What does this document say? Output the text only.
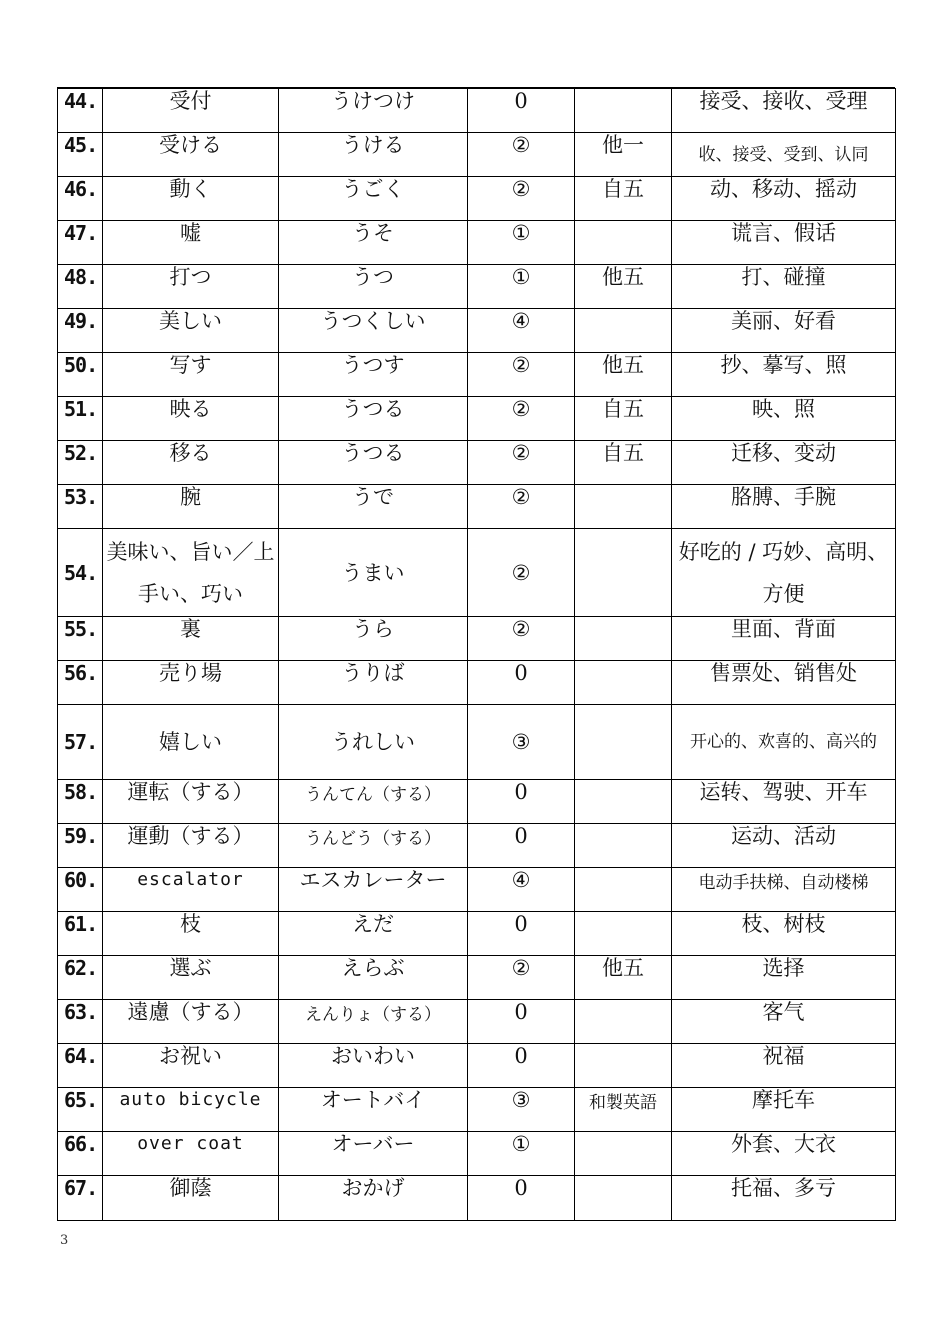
44.	受付	うけつけ	0		接受、接收、受理
45.	受ける	うける	②	他一	收、接受、受到、认同
46.	動く	うごく	②	自五	动、移动、摇动
47.	嘘	うそ	①		谎言、假话
48.	打つ	うつ	①	他五	打、碰撞
49.	美しい	うつくしい	④		美丽、好看
50.	写す	うつす	②	他五	抄、摹写、照
51.	映る	うつる	②	自五	映、照
52.	移る	うつる	②	自五	迁移、变动
53.	腕	うで	②		胳膊、手腕
54.	美味い、旨い／上手い、巧い	うまい	②		好吃的 / 巧妙、高明、方便
55.	裏	うら	②		里面、背面
56.	売り場	うりば	0		售票处、销售处
57.	嬉しい	うれしい	③		开心的、欢喜的、高兴的
58.	運転（する）	うんてん（する）	0		运转、驾驶、开车
59.	運動（する）	うんどう（する）	0		运动、活动
60.	escalator	エスカレーター	④		电动手扶梯、自动楼梯
61.	枝	えだ	0		枝、树枝
62.	選ぶ	えらぶ	②	他五	选择
63.	遠慮（する）	えんりょ（する）	0		客气
64.	お祝い	おいわい	0		祝福
65.	auto bicycle	オートバイ	③	和製英語	摩托车
66.	over coat	オーバー	①		外套、大衣
67.	御蔭	おかげ	0		托福、多亏
3
